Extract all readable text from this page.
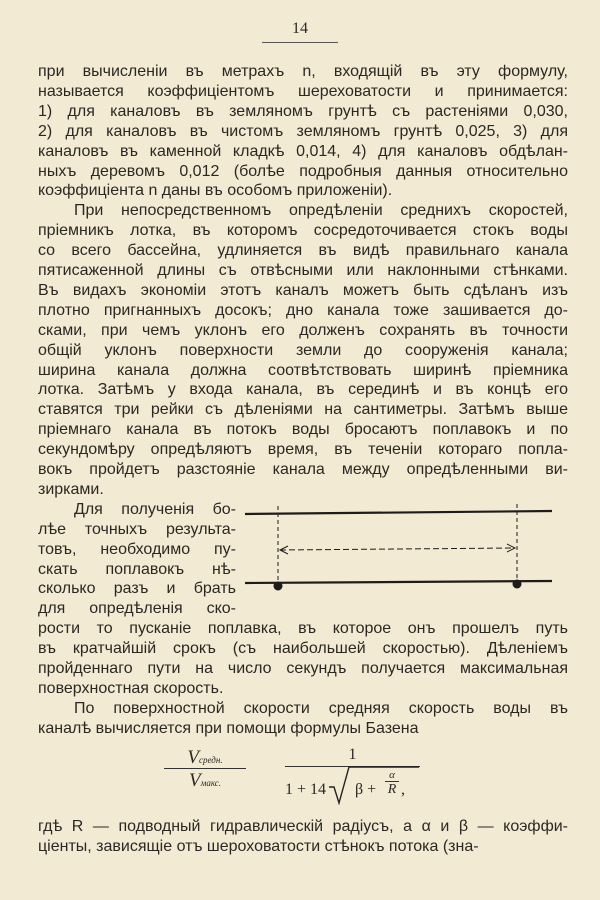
14
при вычисленіи въ метрахъ n, входящій въ эту формулу,
называется коэффиціентомъ шереховатости и принимается:
1) для каналовъ въ земляномъ грунтѣ съ растеніями 0,030,
2) для каналовъ въ чистомъ земляномъ грунтѣ 0,025, 3) для
каналовъ въ каменной кладкѣ 0,014, 4) для каналовъ обдѣлан-
ныхъ деревомъ 0,012 (болѣе подробныя данныя относительно
коэффиціента n даны въ особомъ приложеніи).
При непосредственномъ опредѣленіи среднихъ скоростей,
пріемникъ лотка, въ которомъ сосредоточивается стокъ воды
со всего бассейна, удлиняется въ видѣ правильнаго канала
пятисаженной длины съ отвѣсными или наклонными стѣнками.
Въ видахъ экономіи этотъ каналъ можетъ быть сдѣланъ изъ
плотно пригнанныхъ досокъ; дно канала тоже зашивается до-
сками, при чемъ уклонъ его долженъ сохранять въ точности
общій уклонъ поверхности земли до сооруженія канала;
ширина канала должна соотвѣтствовать ширинѣ пріемника
лотка. Затѣмъ у входа канала, въ серединѣ и въ концѣ его
ставятся три рейки съ дѣленіями на сантиметры. Затѣмъ выше
пріемнаго канала въ потокъ воды бросаютъ поплавокъ и по
секундомѣру опредѣляютъ время, въ теченіи котораго попла-
вокъ пройдетъ разстояніе канала между опредѣленными ви-
зирками.
Для полученія бо-
лѣе точныхъ результа-
товъ, необходимо пу-
скать поплавокъ нѣ-
сколько разъ и брать
для опредѣленія ско-
рости то пусканіе поплавка, въ которое онъ прошелъ путь
въ кратчайшій срокъ (съ наибольшей скоростью). Дѣленіемъ
пройденнаго пути на число секундъ получается максимальная
поверхностная скорость.
По поверхностной скорости средняя скорость воды въ
каналѣ вычисляется при помощи формулы Базена
гдѣ R — подводный гидравлическій радіусъ, а α и β — коэффи-
ціенты, зависящіе отъ шероховатости стѣнокъ потока (зна-
Vсредн.
Vмакс.
1
1 + 14 β +
α
R ,
